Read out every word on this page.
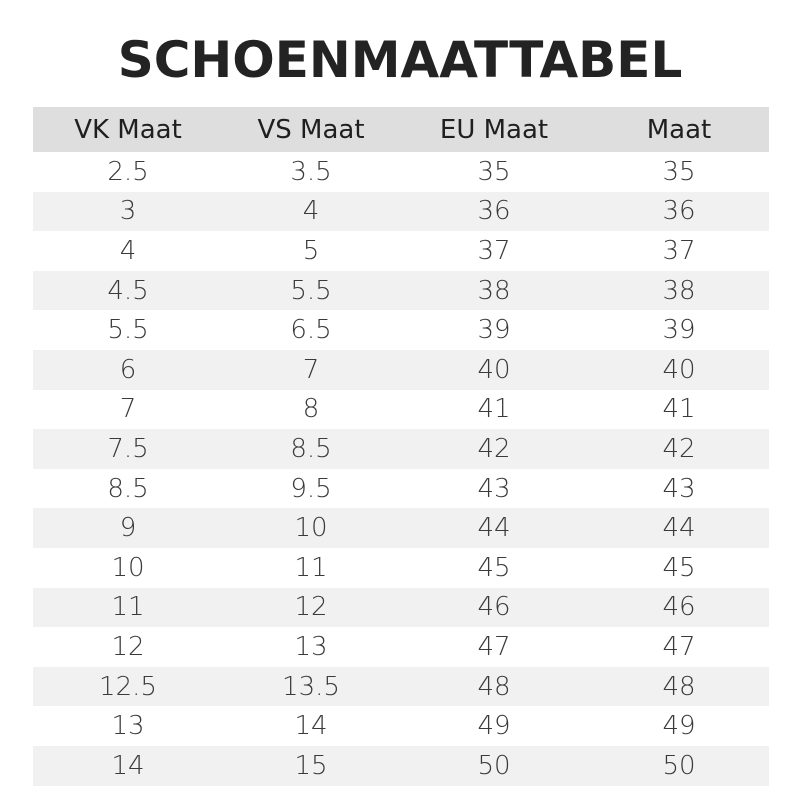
SCHOENMAATTABEL
VK Maat	VS Maat	EU Maat	Maat
2.5	3.5	35	35
3	4	36	36
4	5	37	37
4.5	5.5	38	38
5.5	6.5	39	39
6	7	40	40
7	8	41	41
7.5	8.5	42	42
8.5	9.5	43	43
9	10	44	44
10	11	45	45
11	12	46	46
12	13	47	47
12.5	13.5	48	48
13	14	49	49
14	15	50	50
